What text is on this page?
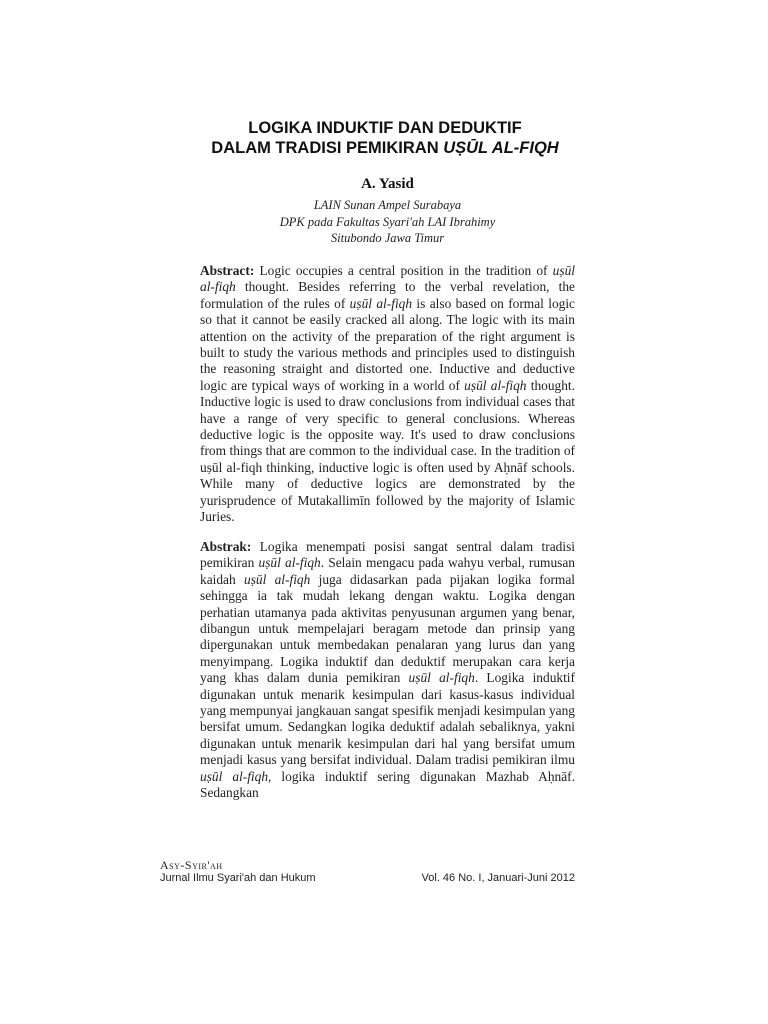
LOGIKA INDUKTIF DAN DEDUKTIF
DALAM TRADISI PEMIKIRAN UṢŪL AL-FIQH
A. Yasid
LAIN Sunan Ampel Surabaya
DPK pada Fakultas Syari'ah LAI Ibrahimy
Situbondo Jawa Timur
Abstract: Logic occupies a central position in the tradition of uṣūl al-fiqh thought. Besides referring to the verbal revelation, the formulation of the rules of uṣūl al-fiqh is also based on formal logic so that it cannot be easily cracked all along. The logic with its main attention on the activity of the preparation of the right argument is built to study the various methods and principles used to distinguish the reasoning straight and distorted one. Inductive and deductive logic are typical ways of working in a world of uṣūl al-fiqh thought. Inductive logic is used to draw conclusions from individual cases that have a range of very specific to general conclusions. Whereas deductive logic is the opposite way. It's used to draw conclusions from things that are common to the individual case. In the tradition of uṣūl al-fiqh thinking, inductive logic is often used by Aḥnāf schools. While many of deductive logics are demonstrated by the yurisprudence of Mutakallimīn followed by the majority of Islamic Juries.
Abstrak: Logika menempati posisi sangat sentral dalam tradisi pemikiran uṣūl al-fiqh. Selain mengacu pada wahyu verbal, rumusan kaidah uṣūl al-fiqh juga didasarkan pada pijakan logika formal sehingga ia tak mudah lekang dengan waktu. Logika dengan perhatian utamanya pada aktivitas penyusunan argumen yang benar, dibangun untuk mempelajari beragam metode dan prinsip yang dipergunakan untuk membedakan penalaran yang lurus dan yang menyimpang. Logika induktif dan deduktif merupakan cara kerja yang khas dalam dunia pemikiran uṣūl al-fiqh. Logika induktif digunakan untuk menarik kesimpulan dari kasus-kasus individual yang mempunyai jangkauan sangat spesifik menjadi kesimpulan yang bersifat umum. Sedangkan logika deduktif adalah sebaliknya, yakni digunakan untuk menarik kesimpulan dari hal yang bersifat umum menjadi kasus yang bersifat individual. Dalam tradisi pemikiran ilmu uṣūl al-fiqh, logika induktif sering digunakan Mazhab Aḥnāf. Sedangkan
Asy-Syir'ah
Jurnal Ilmu Syari'ah dan Hukum	Vol. 46 No. I, Januari-Juni 2012
